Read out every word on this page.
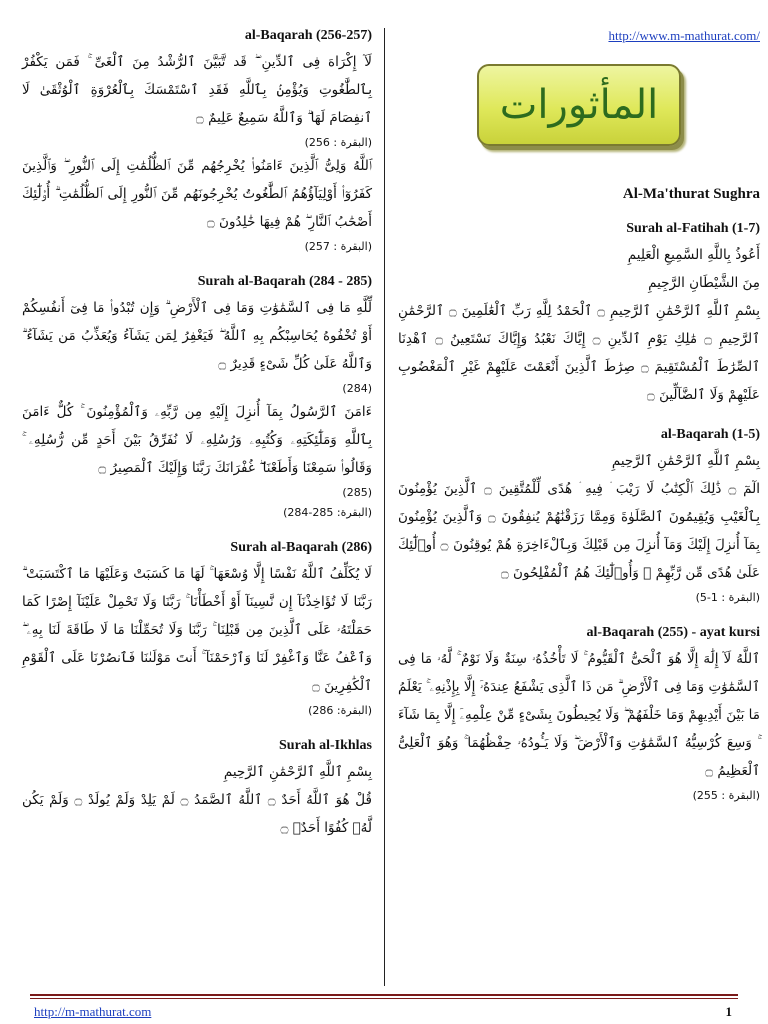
al-Baqarah (256-257)

لَآ إِكْرَاهَ فِى ٱلدِّينِ ۖ قَد تَّبَيَّنَ ٱلرُّشْدُ مِنَ ٱلْغَىِّ ۚ فَمَن يَكْفُرْ بِٱلطَّٰغُوتِ وَيُؤْمِنۢ بِٱللَّهِ فَقَدِ ٱسْتَمْسَكَ بِٱلْعُرْوَةِ ٱلْوُثْقَىٰ لَا ٱنفِصَامَ لَهَا ۗ وَٱللَّهُ سَمِيعٌ عَلِيمٌ ۝

(البقرة : 256)

ٱللَّهُ وَلِىُّ ٱلَّذِينَ ءَامَنُوا۟ يُخْرِجُهُم مِّنَ ٱلظُّلُمَٰتِ إِلَى ٱلنُّورِ ۖ وَٱلَّذِينَ كَفَرُوٓا۟ أَوْلِيَآؤُهُمُ ٱلطَّٰغُوتُ يُخْرِجُونَهُم مِّنَ ٱلنُّورِ إِلَى ٱلظُّلُمَٰتِ ۗ أُو۟لَٰٓئِكَ أَصْحَٰبُ ٱلنَّارِ ۖ هُمْ فِيهَا خَٰلِدُونَ ۝

(البقرة : 257)

Surah al-Baqarah (284 - 285)

لِّلَّهِ مَا فِى ٱلسَّمَٰوَٰتِ وَمَا فِى ٱلْأَرْضِ ۗ وَإِن تُبْدُوا۟ مَا فِىٓ أَنفُسِكُمْ أَوْ تُخْفُوهُ يُحَاسِبْكُم بِهِ ٱللَّهُ ۖ فَيَغْفِرُ لِمَن يَشَآءُ وَيُعَذِّبُ مَن يَشَآءُ ۗ وَٱللَّهُ عَلَىٰ كُلِّ شَىْءٍ قَدِيرٌ ۝

(284)

ءَامَنَ ٱلرَّسُولُ بِمَآ أُنزِلَ إِلَيْهِ مِن رَّبِّهِۦ وَٱلْمُؤْمِنُونَ ۚ كُلٌّ ءَامَنَ بِٱللَّهِ وَمَلَٰٓئِكَتِهِۦ وَكُتُبِهِۦ وَرُسُلِهِۦ لَا نُفَرِّقُ بَيْنَ أَحَدٍ مِّن رُّسُلِهِۦ ۚ وَقَالُوا۟ سَمِعْنَا وَأَطَعْنَا ۖ غُفْرَانَكَ رَبَّنَا وَإِلَيْكَ ٱلْمَصِيرُ ۝

(285)

(البقرة: 285-284)

Surah al-Baqarah (286)

لَا يُكَلِّفُ ٱللَّهُ نَفْسًا إِلَّا وُسْعَهَا ۚ لَهَا مَا كَسَبَتْ وَعَلَيْهَا مَا ٱكْتَسَبَتْ ۗ رَبَّنَا لَا تُؤَاخِذْنَآ إِن نَّسِينَآ أَوْ أَخْطَأْنَا ۚ رَبَّنَا وَلَا تَحْمِلْ عَلَيْنَآ إِصْرًا كَمَا حَمَلْتَهُۥ عَلَى ٱلَّذِينَ مِن قَبْلِنَا ۚ رَبَّنَا وَلَا تُحَمِّلْنَا مَا لَا طَاقَةَ لَنَا بِهِۦ ۖ وَٱعْفُ عَنَّا وَٱغْفِرْ لَنَا وَٱرْحَمْنَآ ۚ أَنتَ مَوْلَىٰنَا فَٱنصُرْنَا عَلَى ٱلْقَوْمِ ٱلْكَٰفِرِينَ ۝

(البقرة: 286)

Surah al-Ikhlas

بِسْمِ ٱللَّهِ ٱلرَّحْمَٰنِ ٱلرَّحِيمِ

قُلْ هُوَ ٱللَّهُ أَحَدٌ ۝ ٱللَّهُ ٱلصَّمَدُ ۝ لَمْ يَلِدْ وَلَمْ يُولَدْ ۝ وَلَمْ يَكُن لَّهُۥ كُفُوًا أَحَدٌۢ ۝

http://www.m-mathurat.com/
المأثورات
Al-Ma'thurat Sughra
Surah al-Fatihah (1-7)

أَعُوذُ بِاللَّهِ السَّمِيعِ الْعَلِيمِ

مِنَ الشَّيْطَانِ الرَّجِيمِ

بِسْمِ ٱللَّهِ ٱلرَّحْمَٰنِ ٱلرَّحِيمِ ۝ ٱلْحَمْدُ لِلَّهِ رَبِّ ٱلْعَٰلَمِينَ ۝ ٱلرَّحْمَٰنِ ٱلرَّحِيمِ ۝ مَٰلِكِ يَوْمِ ٱلدِّينِ ۝ إِيَّاكَ نَعْبُدُ وَإِيَّاكَ نَسْتَعِينُ ۝ ٱهْدِنَا ٱلصِّرَٰطَ ٱلْمُسْتَقِيمَ ۝ صِرَٰطَ ٱلَّذِينَ أَنْعَمْتَ عَلَيْهِمْ غَيْرِ ٱلْمَغْضُوبِ عَلَيْهِمْ وَلَا ٱلضَّآلِّينَ ۝

al-Baqarah (1-5)

بِسْمِ ٱللَّهِ ٱلرَّحْمَٰنِ ٱلرَّحِيمِ

الٓمٓ ۝ ذَٰلِكَ ٱلْكِتَٰبُ لَا رَيْبَ ۛ فِيهِ ۛ هُدًى لِّلْمُتَّقِينَ ۝ ٱلَّذِينَ يُؤْمِنُونَ بِٱلْغَيْبِ وَيُقِيمُونَ ٱلصَّلَوٰةَ وَمِمَّا رَزَقْنَٰهُمْ يُنفِقُونَ ۝ وَٱلَّذِينَ يُؤْمِنُونَ بِمَآ أُنزِلَ إِلَيْكَ وَمَآ أُنزِلَ مِن قَبْلِكَ وَبِٱلْءَاخِرَةِ هُمْ يُوقِنُونَ ۝ أُو۟لَٰٓئِكَ عَلَىٰ هُدًى مِّن رَّبِّهِمْ ۖ وَأُو۟لَٰٓئِكَ هُمُ ٱلْمُفْلِحُونَ ۝

(البقرة : 1-5)

al-Baqarah (255) - ayat kursi

ٱللَّهُ لَآ إِلَٰهَ إِلَّا هُوَ ٱلْحَىُّ ٱلْقَيُّومُ ۚ لَا تَأْخُذُهُۥ سِنَةٌ وَلَا نَوْمٌ ۚ لَّهُۥ مَا فِى ٱلسَّمَٰوَٰتِ وَمَا فِى ٱلْأَرْضِ ۗ مَن ذَا ٱلَّذِى يَشْفَعُ عِندَهُۥٓ إِلَّا بِإِذْنِهِۦ ۚ يَعْلَمُ مَا بَيْنَ أَيْدِيهِمْ وَمَا خَلْفَهُمْ ۖ وَلَا يُحِيطُونَ بِشَىْءٍ مِّنْ عِلْمِهِۦٓ إِلَّا بِمَا شَآءَ ۚ وَسِعَ كُرْسِيُّهُ ٱلسَّمَٰوَٰتِ وَٱلْأَرْضَ ۖ وَلَا يَـُٔودُهُۥ حِفْظُهُمَا ۚ وَهُوَ ٱلْعَلِىُّ ٱلْعَظِيمُ ۝

(البقرة : 255)

http://m-mathurat.com	1
